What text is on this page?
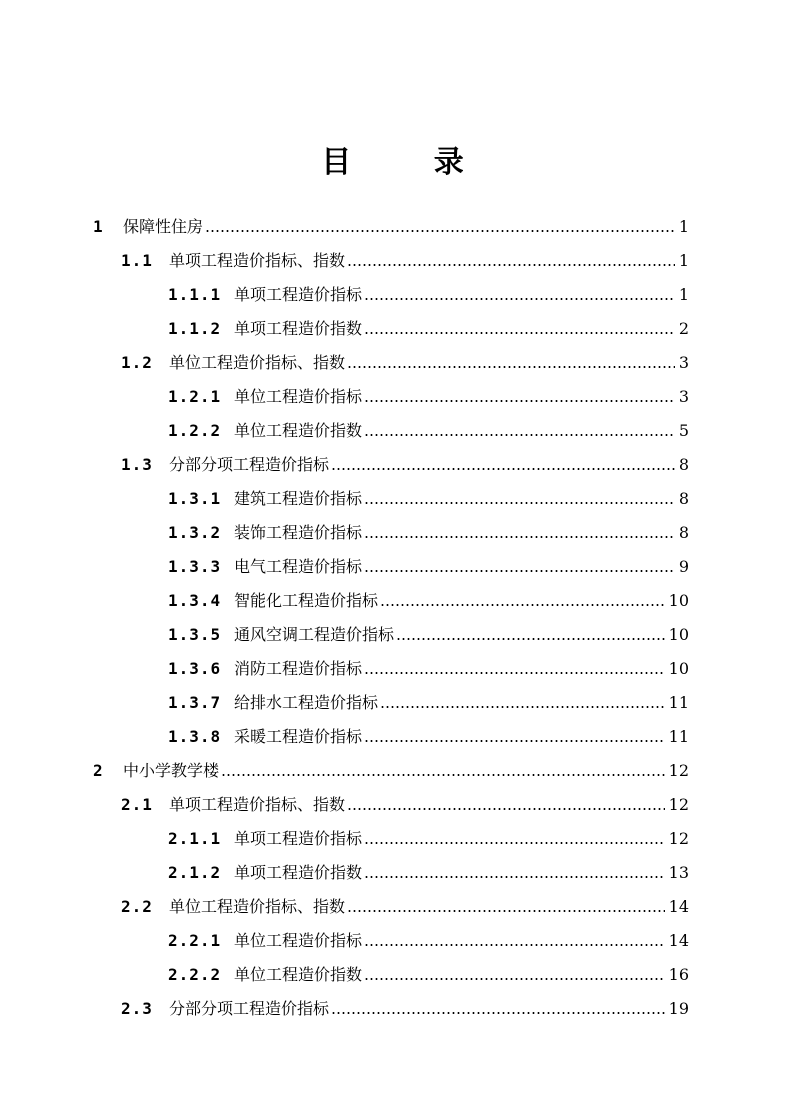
目 录
1	保障性住房	1
1.1	单项工程造价指标、指数	1
1.1.1 单项工程造价指标	1
1.1.2 单项工程造价指数	2
1.2	单位工程造价指标、指数	3
1.2.1 单位工程造价指标	3
1.2.2 单位工程造价指数	5
1.3	分部分项工程造价指标	8
1.3.1 建筑工程造价指标	8
1.3.2 装饰工程造价指标	8
1.3.3 电气工程造价指标	9
1.3.4 智能化工程造价指标	10
1.3.5 通风空调工程造价指标	10
1.3.6 消防工程造价指标	10
1.3.7 给排水工程造价指标	11
1.3.8 采暖工程造价指标	11
2	中小学教学楼	12
2.1	单项工程造价指标、指数	12
2.1.1 单项工程造价指标	12
2.1.2 单项工程造价指数	13
2.2	单位工程造价指标、指数	14
2.2.1 单位工程造价指标	14
2.2.2 单位工程造价指数	16
2.3	分部分项工程造价指标	19
